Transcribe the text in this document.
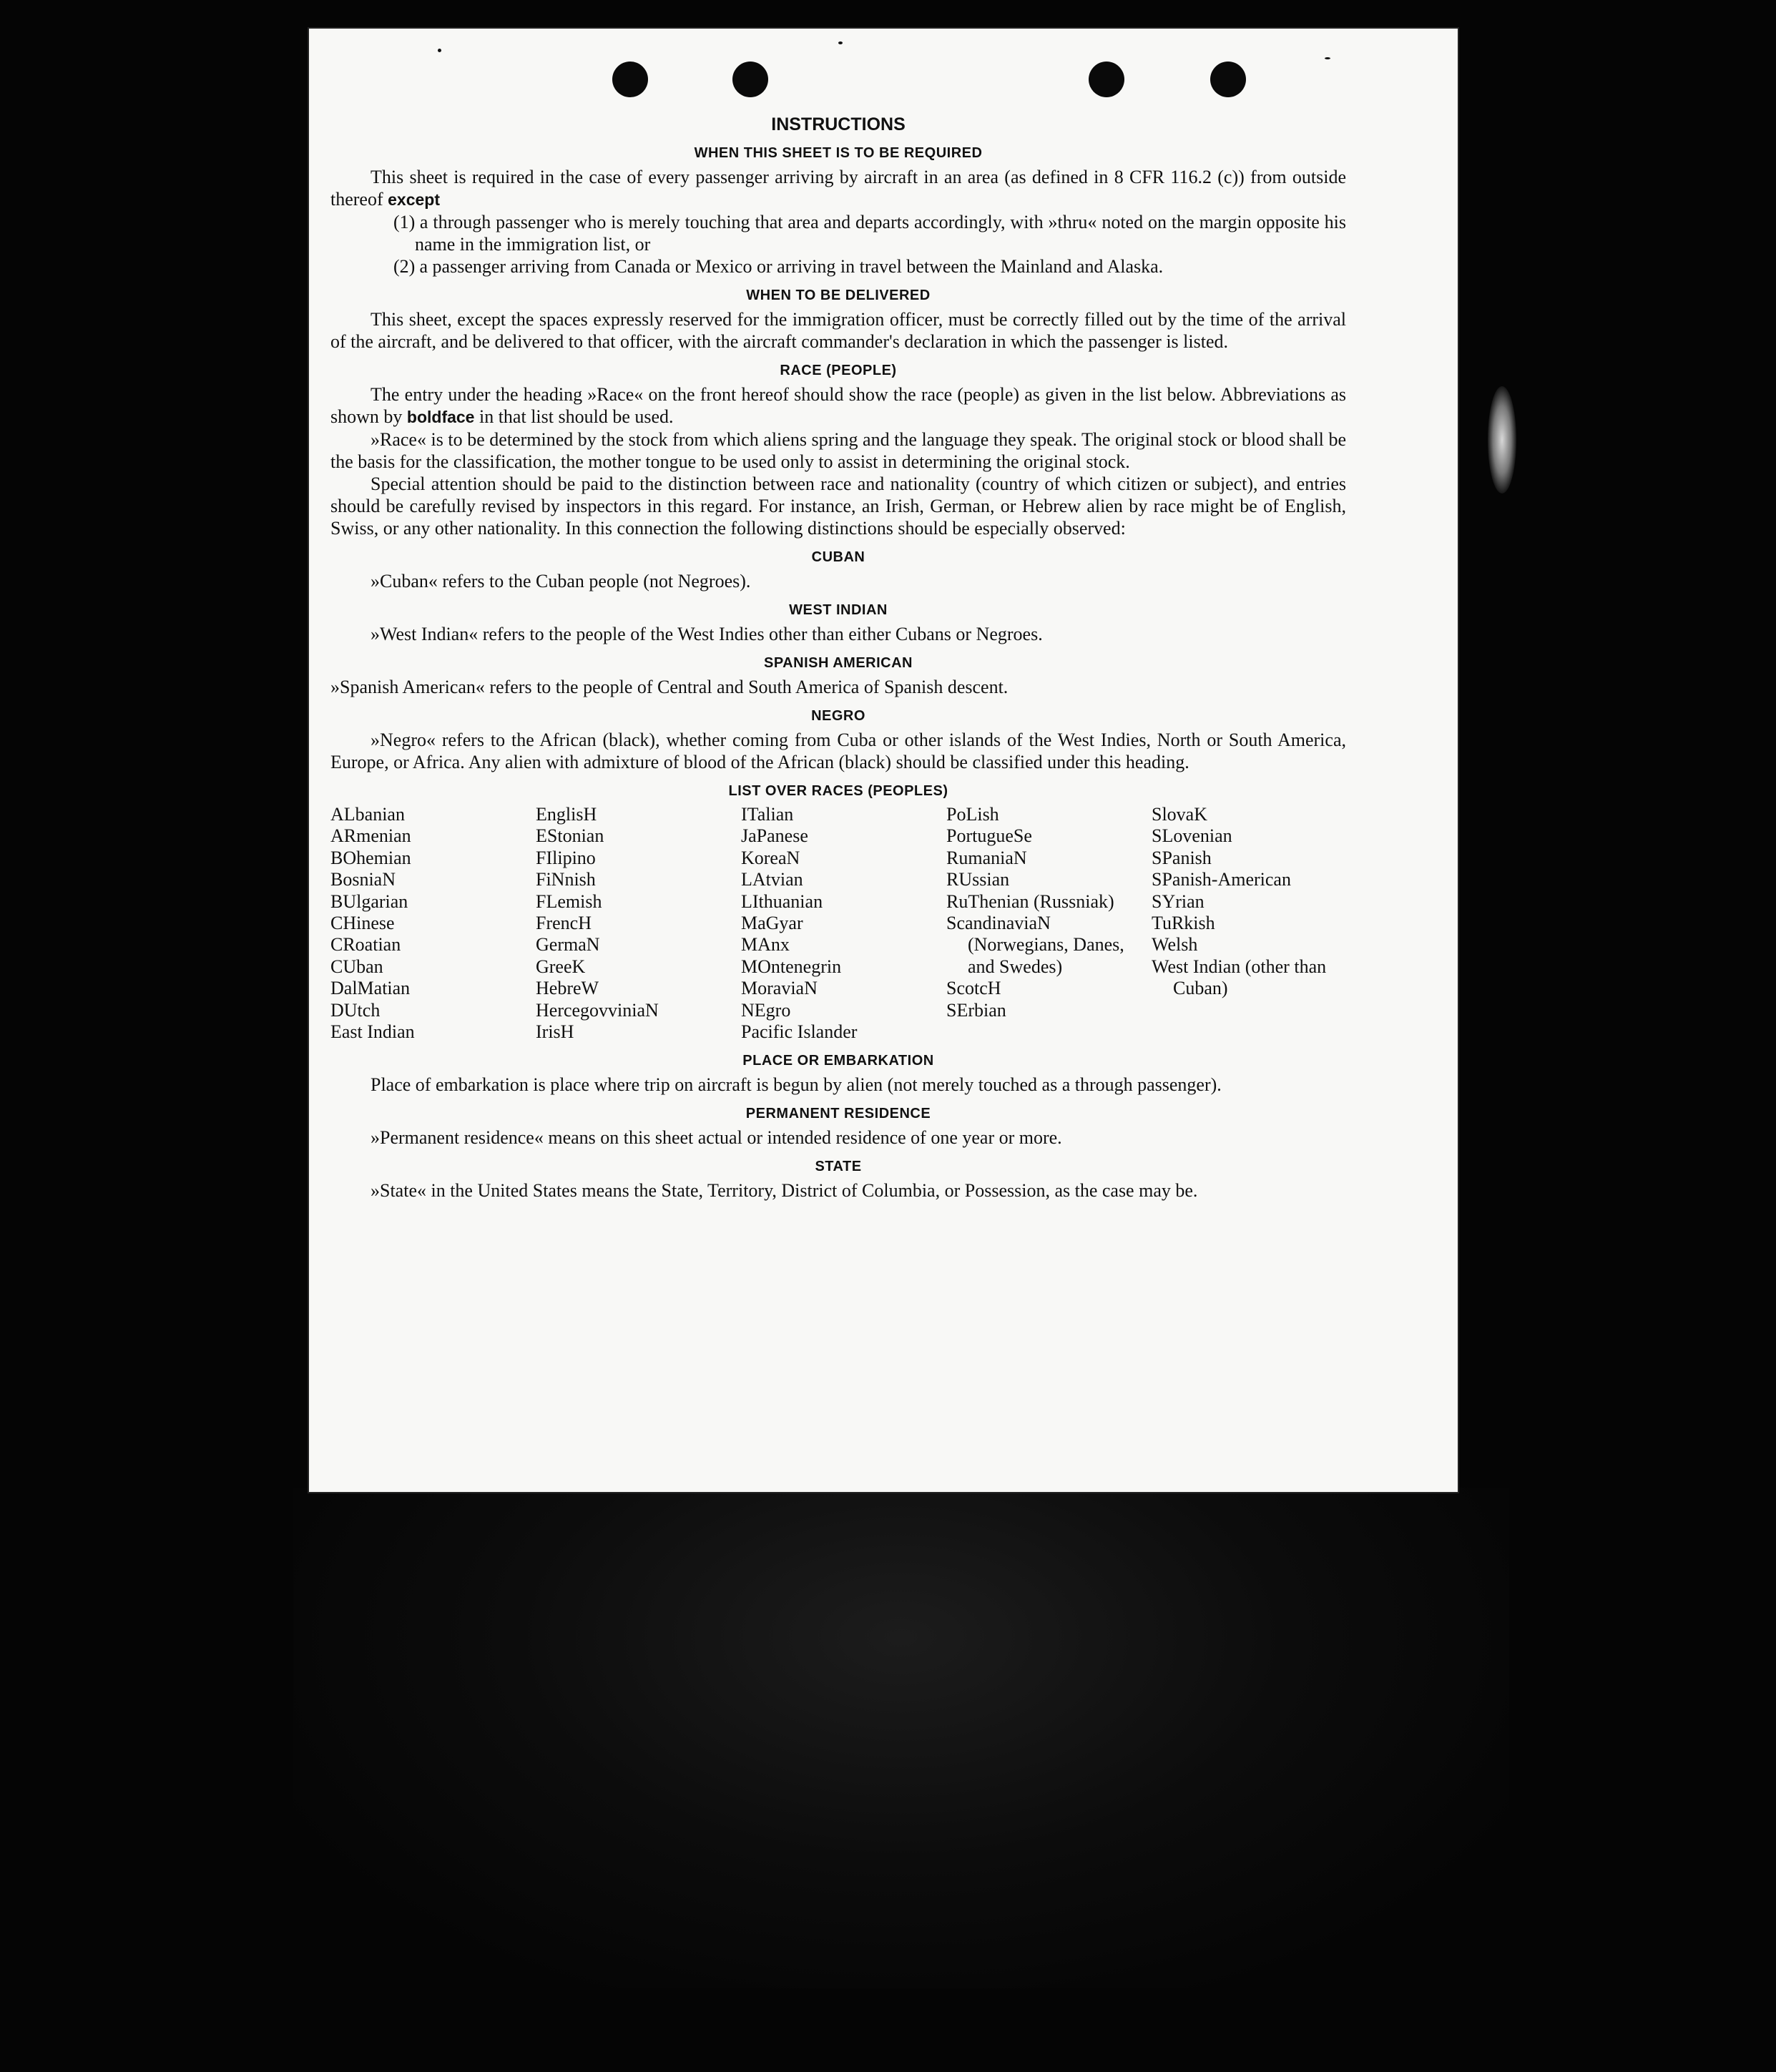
INSTRUCTIONS
WHEN THIS SHEET IS TO BE REQUIRED

This sheet is required in the case of every passenger arriving by aircraft in an area (as defined in 8 CFR 116.2 (c)) from outside thereof except

(1) a through passenger who is merely touching that area and departs accordingly, with »thru« noted on the margin opposite his name in the immigration list, or

(2) a passenger arriving from Canada or Mexico or arriving in travel between the Mainland and Alaska.

WHEN TO BE DELIVERED

This sheet, except the spaces expressly reserved for the immigration officer, must be correctly filled out by the time of the arrival of the aircraft, and be delivered to that officer, with the aircraft commander's declaration in which the passenger is listed.

RACE (PEOPLE)

The entry under the heading »Race« on the front hereof should show the race (people) as given in the list below. Abbreviations as shown by boldface in that list should be used.

»Race« is to be determined by the stock from which aliens spring and the language they speak. The original stock or blood shall be the basis for the classification, the mother tongue to be used only to assist in determining the original stock.

Special attention should be paid to the distinction between race and nationality (country of which citizen or subject), and entries should be carefully revised by inspectors in this regard. For instance, an Irish, German, or Hebrew alien by race might be of English, Swiss, or any other nationality. In this connection the following distinctions should be especially observed:

CUBAN

»Cuban« refers to the Cuban people (not Negroes).

WEST INDIAN

»West Indian« refers to the people of the West Indies other than either Cubans or Negroes.

SPANISH AMERICAN

»Spanish American« refers to the people of Central and South America of Spanish descent.

NEGRO

»Negro« refers to the African (black), whether coming from Cuba or other islands of the West Indies, North or South America, Europe, or Africa. Any alien with admixture of blood of the African (black) should be classified under this heading.

LIST OVER RACES (PEOPLES)
ALbanian
ARmenian
BOhemian
BosniaN
BUlgarian
CHinese
CRoatian
CUban
DalMatian
DUtch
East Indian
EnglisH
EStonian
FIlipino
FiNnish
FLemish
FrencH
GermaN
GreeK
HebreW
HercegovviniaN
IrisH
ITalian
JaPanese
KoreaN
LAtvian
LIthuanian
MaGyar
MAnx
MOntenegrin
MoraviaN
NEgro
Pacific Islander
PoLish
PortugueSe
RumaniaN
RUssian
RuThenian (Russniak)
ScandinaviaN (Norwegians, Danes, and Swedes)
ScotcH
SErbian
SlovaK
SLovenian
SPanish
SPanish-American
SYrian
TuRkish
Welsh
West Indian (other than Cuban)
PLACE OR EMBARKATION

Place of embarkation is place where trip on aircraft is begun by alien (not merely touched as a through passenger).

PERMANENT RESIDENCE

»Permanent residence« means on this sheet actual or intended residence of one year or more.

STATE

»State« in the United States means the State, Territory, District of Columbia, or Possession, as the case may be.
